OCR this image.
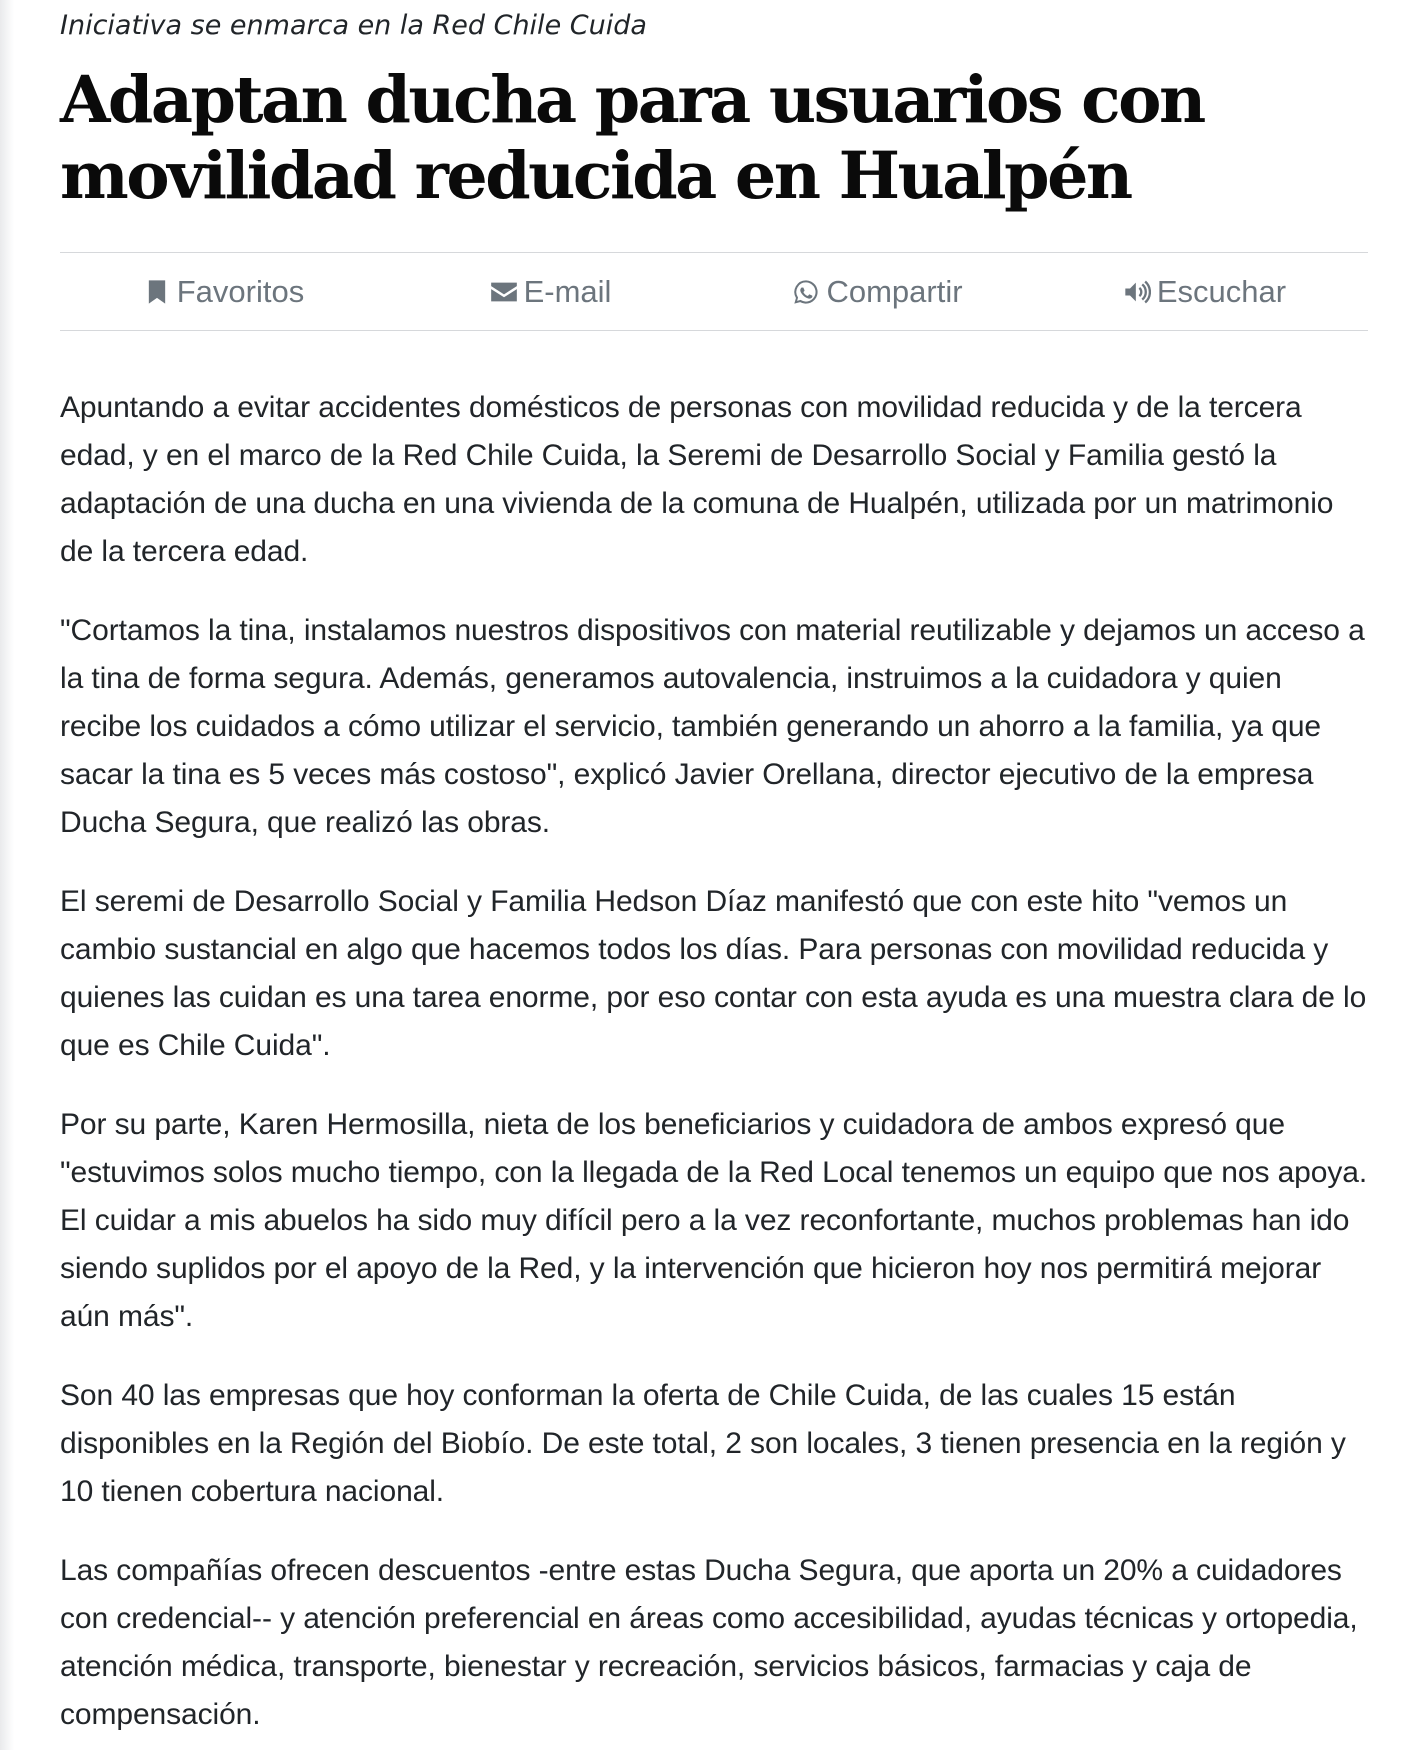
Iniciativa se enmarca en la Red Chile Cuida
Adaptan ducha para usuarios con movilidad reducida en Hualpén
Favoritos	E-mail	Compartir	Escuchar

Apuntando a evitar accidentes domésticos de personas con movilidad reducida y de la tercera edad, y en el marco de la Red Chile Cuida, la Seremi de Desarrollo Social y Familia gestó la adaptación de una ducha en una vivienda de la comuna de Hualpén, utilizada por un matrimonio de la tercera edad.

"Cortamos la tina, instalamos nuestros dispositivos con material reutilizable y dejamos un acceso a la tina de forma segura. Además, generamos autovalencia, instruimos a la cuidadora y quien recibe los cuidados a cómo utilizar el servicio, también generando un ahorro a la familia, ya que sacar la tina es 5 veces más costoso", explicó Javier Orellana, director ejecutivo de la empresa Ducha Segura, que realizó las obras.

El seremi de Desarrollo Social y Familia Hedson Díaz manifestó que con este hito "vemos un cambio sustancial en algo que hacemos todos los días. Para personas con movilidad reducida y quienes las cuidan es una tarea enorme, por eso contar con esta ayuda es una muestra clara de lo que es Chile Cuida".

Por su parte, Karen Hermosilla, nieta de los beneficiarios y cuidadora de ambos expresó que "estuvimos solos mucho tiempo, con la llegada de la Red Local tenemos un equipo que nos apoya. El cuidar a mis abuelos ha sido muy difícil pero a la vez reconfortante, muchos problemas han ido siendo suplidos por el apoyo de la Red, y la intervención que hicieron hoy nos permitirá mejorar aún más".

Son 40 las empresas que hoy conforman la oferta de Chile Cuida, de las cuales 15 están disponibles en la Región del Biobío. De este total, 2 son locales, 3 tienen presencia en la región y 10 tienen cobertura nacional.

Las compañías ofrecen descuentos -entre estas Ducha Segura, que aporta un 20% a cuidadores con credencial-- y atención preferencial en áreas como accesibilidad, ayudas técnicas y ortopedia, atención médica, transporte, bienestar y recreación, servicios básicos, farmacias y caja de compensación.
